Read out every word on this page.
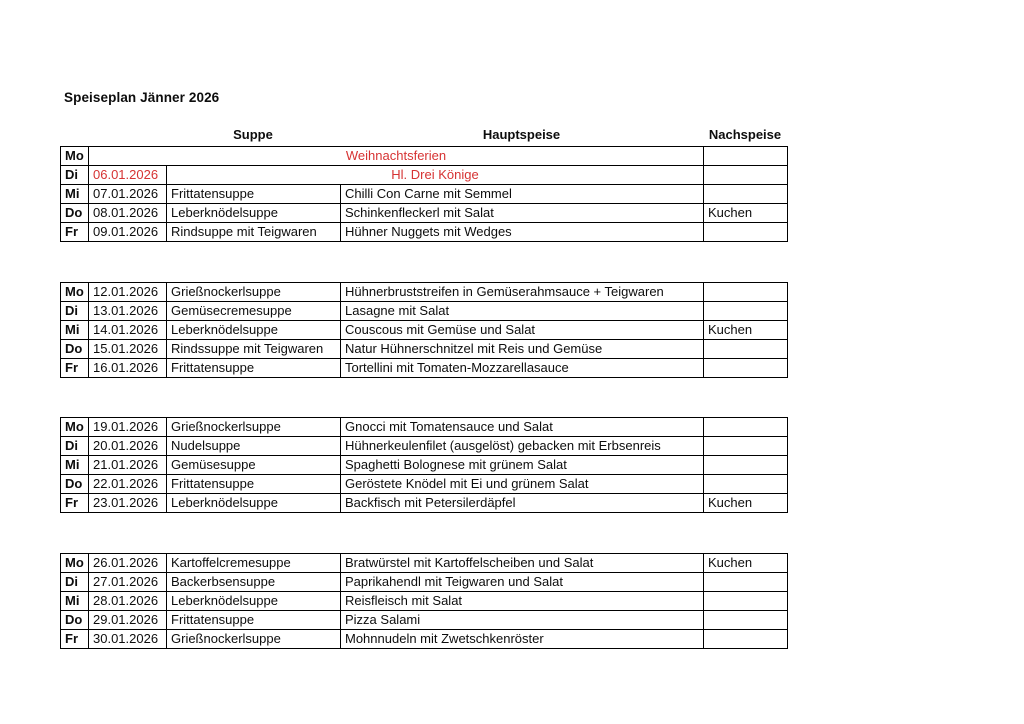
Speiseplan Jänner 2026
Suppe	Hauptspeise	Nachspeise
Mo	Weihnachtsferien			
Di	06.01.2026	Hl. Drei Könige		
Mi	07.01.2026	Frittatensuppe	Chilli Con Carne mit Semmel	
Do	08.01.2026	Leberknödelsuppe	Schinkenfleckerl mit Salat	Kuchen
Fr	09.01.2026	Rindsuppe mit Teigwaren	Hühner Nuggets mit Wedges	
Mo	12.01.2026	Grießnockerlsuppe	Hühnerbruststreifen in Gemüserahmsauce + Teigwaren	
Di	13.01.2026	Gemüsecremesuppe	Lasagne mit Salat	
Mi	14.01.2026	Leberknödelsuppe	Couscous mit Gemüse und Salat	Kuchen
Do	15.01.2026	Rindssuppe mit Teigwaren	Natur Hühnerschnitzel mit Reis und Gemüse	
Fr	16.01.2026	Frittatensuppe	Tortellini mit Tomaten-Mozzarellasauce	
Mo	19.01.2026	Grießnockerlsuppe	Gnocci mit Tomatensauce und Salat	
Di	20.01.2026	Nudelsuppe	Hühnerkeulenfilet (ausgelöst) gebacken mit Erbsenreis	
Mi	21.01.2026	Gemüsesuppe	Spaghetti Bolognese mit grünem Salat	
Do	22.01.2026	Frittatensuppe	Geröstete Knödel mit Ei und grünem Salat	
Fr	23.01.2026	Leberknödelsuppe	Backfisch mit Petersilerdäpfel	Kuchen
Mo	26.01.2026	Kartoffelcremesuppe	Bratwürstel mit Kartoffelscheiben und Salat	Kuchen
Di	27.01.2026	Backerbsensuppe	Paprikahendl mit Teigwaren und Salat	
Mi	28.01.2026	Leberknödelsuppe	Reisfleisch mit Salat	
Do	29.01.2026	Frittatensuppe	Pizza Salami	
Fr	30.01.2026	Grießnockerlsuppe	Mohnnudeln mit Zwetschkenröster	
